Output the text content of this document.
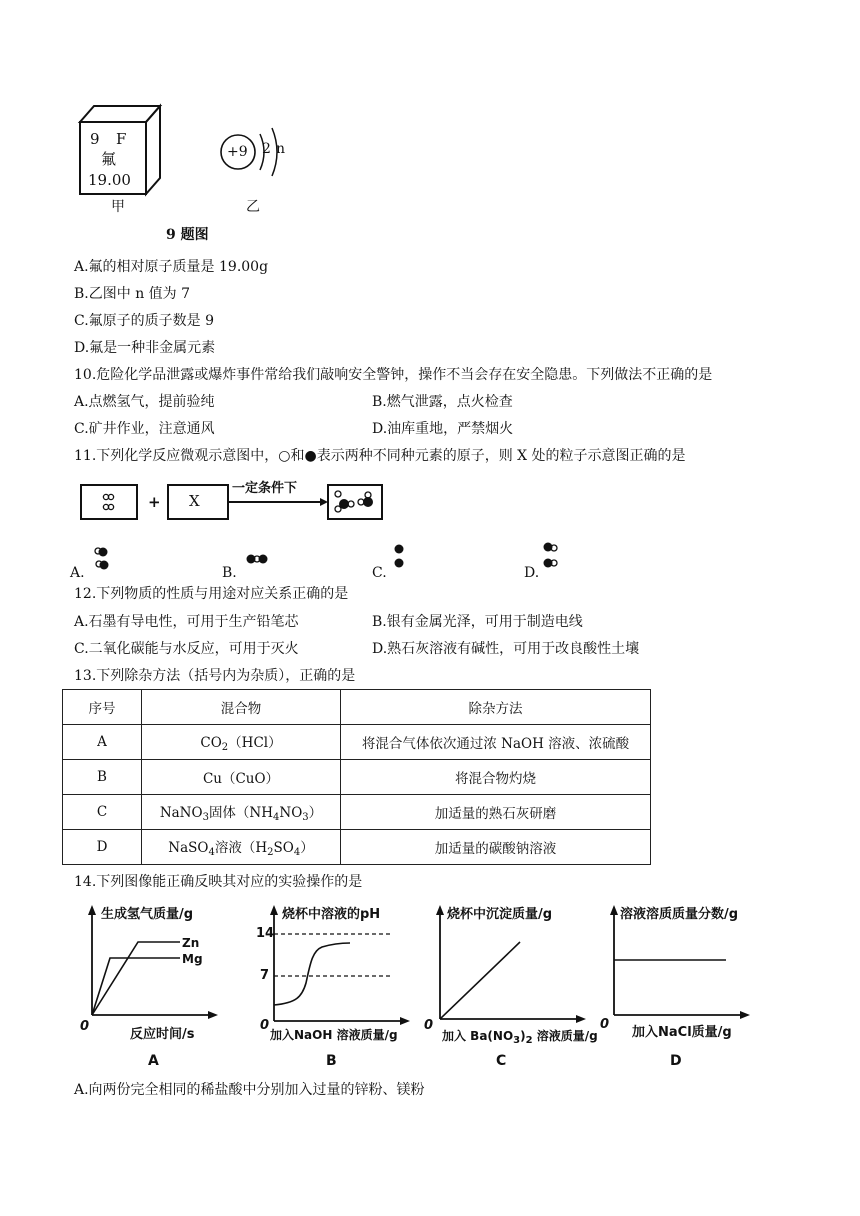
9 F
氟
19.00
甲
+9 2 n
乙
9 题图
A.氟的相对原子质量是 19.00g
B.乙图中 n 值为 7
C.氟原子的质子数是 9
D.氟是一种非金属元素
10.危险化学品泄露或爆炸事件常给我们敲响安全警钟，操作不当会存在安全隐患。下列做法不正确的是
A.点燃氢气，提前验纯	B.燃气泄露，点火检查
C.矿井作业，注意通风	D.油库重地，严禁烟火
11.下列化学反应微观示意图中，○和●表示两种不同种元素的原子，则 X 处的粒子示意图正确的是
+ X
一定条件下
A.	B.	C.	D.
12.下列物质的性质与用途对应关系正确的是
A.石墨有导电性，可用于生产铅笔芯	B.银有金属光泽，可用于制造电线
C.二氧化碳能与水反应，可用于灭火	D.熟石灰溶液有碱性，可用于改良酸性土壤
13.下列除杂方法（括号内为杂质），正确的是
序号	混合物	除杂方法
A	$CO_2(HCl)$	将混合气体依次通过浓 NaOH 溶液、浓硫酸
B	Cu（CuO）	将混合物灼烧
C	NaNO$_3$固体$(NH_4NO_3)$	加适量的熟石灰研磨
D	NaSO$_4$溶液$(H_2SO_4)$	加适量的碳酸钠溶液
14.下列图像能正确反映其对应的实验操作的是
生成氢气质量/g
Zn
Mg
0
反应时间/s
A
烧杯中溶液的pH
14
7
0
加入NaOH 溶液质量/g
B
烧杯中沉淀质量/g
0
加入 $Ba(NO_3)_2$ 溶液质量/g
C
溶液溶质质量分数/g
0
加入NaCl质量/g
D
A.向两份完全相同的稀盐酸中分别加入过量的锌粉、镁粉
